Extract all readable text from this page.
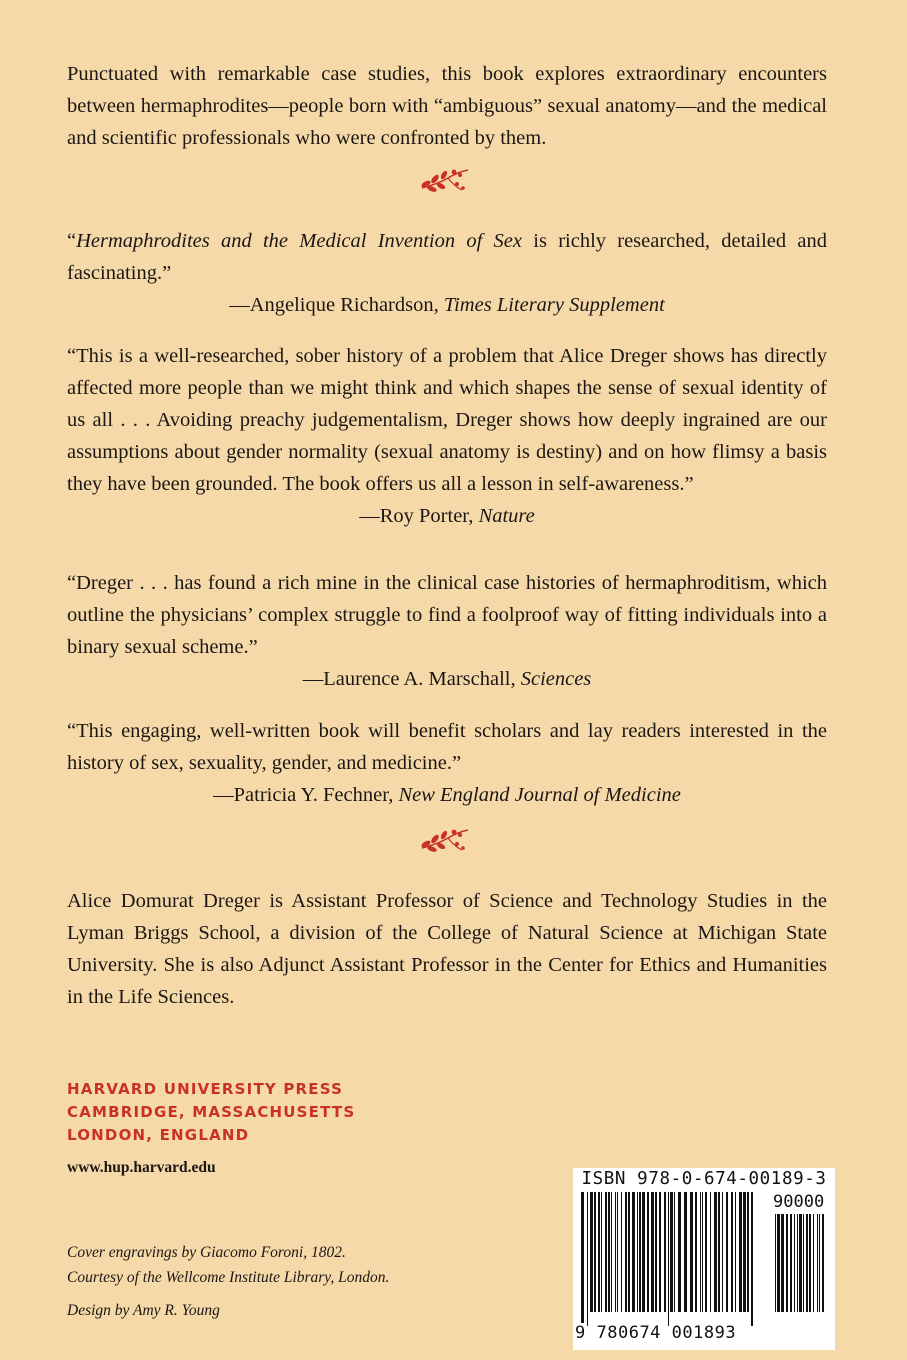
Punctuated with remarkable case studies, this book explores extraordinary encounters between hermaphrodites—people born with “ambiguous” sexual anatomy—and the medical and scientific professionals who were confronted by them.

“Hermaphrodites and the Medical Invention of Sex is richly researched, detailed and fascinating.”

—Angelique Richardson, Times Literary Supplement

“This is a well-researched, sober history of a problem that Alice Dreger shows has directly affected more people than we might think and which shapes the sense of sexual identity of us all . . . Avoiding preachy judgementalism, Dreger shows how deeply ingrained are our assumptions about gender normality (sexual anatomy is destiny) and on how flimsy a basis they have been grounded. The book offers us all a lesson in self-awareness.”

—Roy Porter, Nature

“Dreger . . . has found a rich mine in the clinical case histories of hermaphroditism, which outline the physicians’ complex struggle to find a foolproof way of fitting individuals into a binary sexual scheme.”

—Laurence A. Marschall, Sciences

“This engaging, well-written book will benefit scholars and lay readers interested in the history of sex, sexuality, gender, and medicine.”

—Patricia Y. Fechner, New England Journal of Medicine

Alice Domurat Dreger is Assistant Professor of Science and Technology Studies in the Lyman Briggs School, a division of the College of Natural Science at Michigan State University. She is also Adjunct Assistant Professor in the Center for Ethics and Humanities in the Life Sciences.

HARVARD UNIVERSITY PRESS
CAMBRIDGE, MASSACHUSETTS
LONDON, ENGLAND
www.hup.harvard.edu
Cover engravings by Giacomo Foroni, 1802.
Courtesy of the Wellcome Institute Library, London.
Design by Amy R. Young
ISBN 978-0-674-00189-3
90000
9  780674  001893
